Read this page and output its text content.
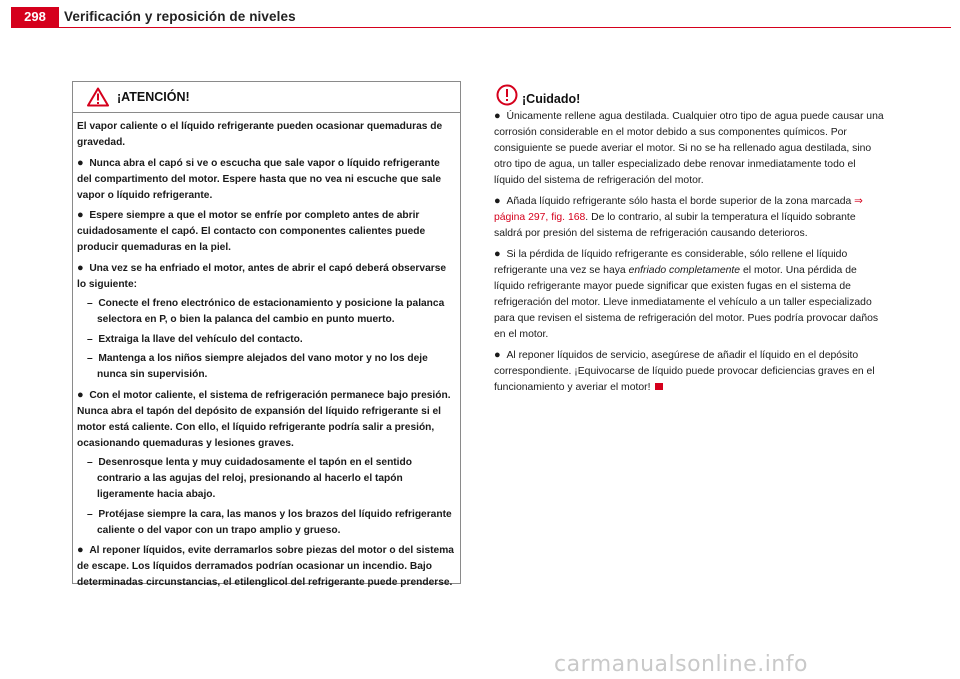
298	Verificación y reposición de niveles
¡ATENCIÓN!

El vapor caliente o el líquido refrigerante pueden ocasionar quemaduras de gravedad.

● Nunca abra el capó si ve o escucha que sale vapor o líquido refrigerante del compartimento del motor. Espere hasta que no vea ni escuche que sale vapor o líquido refrigerante.

● Espere siempre a que el motor se enfríe por completo antes de abrir cuidadosamente el capó. El contacto con componentes calientes puede producir quemaduras en la piel.

● Una vez se ha enfriado el motor, antes de abrir el capó deberá observarse lo siguiente:

–  Conecte el freno electrónico de estacionamiento y posicione la palanca selectora en P, o bien la palanca del cambio en punto muerto.

–  Extraiga la llave del vehículo del contacto.

–  Mantenga a los niños siempre alejados del vano motor y no los deje nunca sin supervisión.

● Con el motor caliente, el sistema de refrigeración permanece bajo presión. Nunca abra el tapón del depósito de expansión del líquido refrigerante si el motor está caliente. Con ello, el líquido refrigerante podría salir a presión, ocasionando quemaduras y lesiones graves.

–  Desenrosque lenta y muy cuidadosamente el tapón en el sentido contrario a las agujas del reloj, presionando al hacerlo el tapón ligeramente hacia abajo.

–  Protéjase siempre la cara, las manos y los brazos del líquido refrigerante caliente o del vapor con un trapo amplio y grueso.

● Al reponer líquidos, evite derramarlos sobre piezas del motor o del sistema de escape. Los líquidos derramados podrían ocasionar un incendio. Bajo determinadas circunstancias, el etilenglicol del refrigerante puede prenderse.

¡Cuidado!

● Únicamente rellene agua destilada. Cualquier otro tipo de agua puede causar una corrosión considerable en el motor debido a sus componentes químicos. Por consiguiente se puede averiar el motor. Si no se ha rellenado agua destilada, sino otro tipo de agua, un taller especializado debe renovar inmediatamente todo el líquido del sistema de refrigeración del motor.

● Añada líquido refrigerante sólo hasta el borde superior de la zona marcada ⇒ página 297, fig. 168. De lo contrario, al subir la temperatura el líquido sobrante saldrá por presión del sistema de refrigeración causando deterioros.

● Si la pérdida de líquido refrigerante es considerable, sólo rellene el líquido refrigerante una vez se haya enfriado completamente el motor. Una pérdida de líquido refrigerante mayor puede significar que existen fugas en el sistema de refrigeración del motor. Lleve inmediatamente el vehículo a un taller especializado para que revisen el sistema de refrigeración del motor. Pues podría provocar daños en el motor.

● Al reponer líquidos de servicio, asegúrese de añadir el líquido en el depósito correspondiente. ¡Equivocarse de líquido puede provocar deficiencias graves en el funcionamiento y averiar el motor!

carmanualsonline.info
